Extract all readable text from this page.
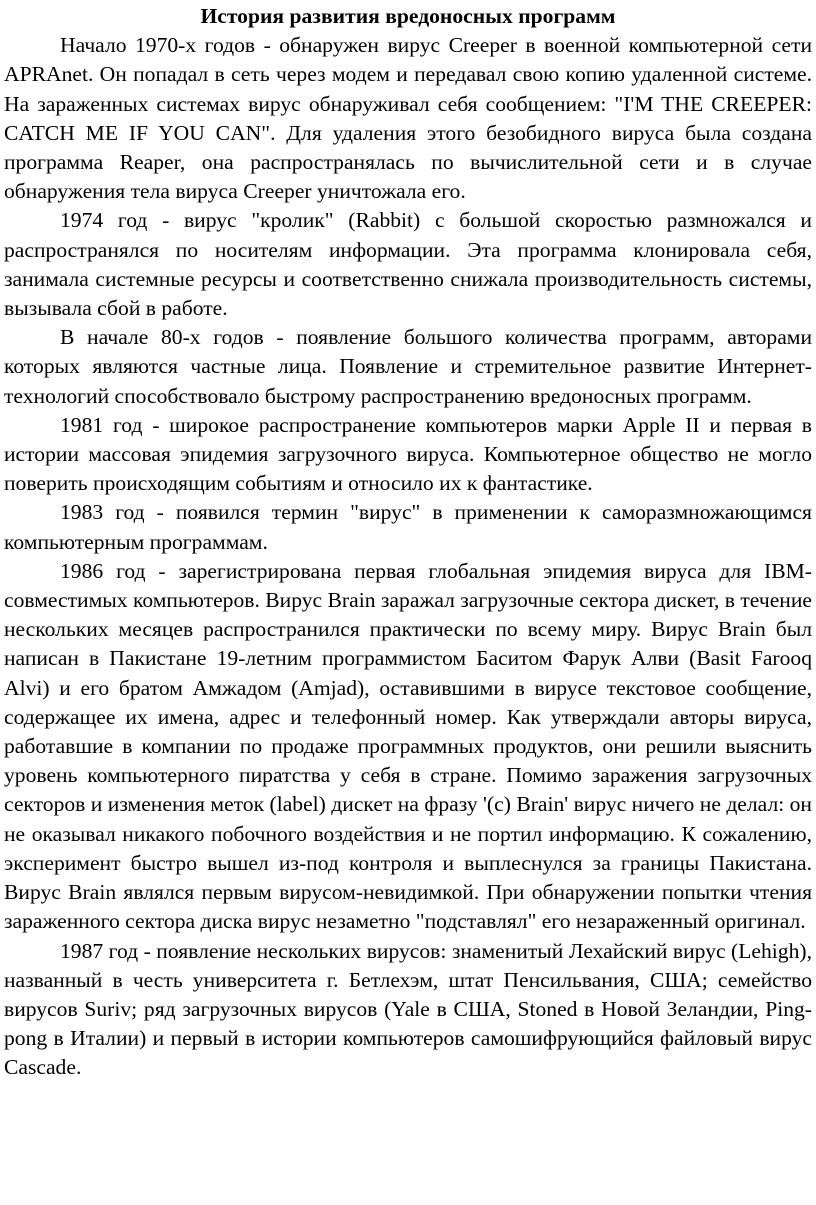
История развития вредоносных программ

Начало 1970-х годов - обнаружен вирус Creeper в военной компьютерной сети APRAnet. Он попадал в сеть через модем и передавал свою копию удаленной системе. На зараженных системах вирус обнаруживал себя сообщением: "I'M THE CREEPER: CATCH ME IF YOU CAN". Для удаления этого безобидного вируса была создана программа Reaper, она распространялась по вычислительной сети и в случае обнаружения тела вируса Creeper уничтожала его.

1974 год - вирус "кролик" (Rabbit) с большой скоростью размножался и распространялся по носителям информации. Эта программа клонировала себя, занимала системные ресурсы и соответственно снижала производительность системы, вызывала сбой в работе.

В начале 80-х годов - появление большого количества программ, авторами которых являются частные лица. Появление и стремительное развитие Интернет-технологий способствовало быстрому распространению вредоносных программ.

1981 год - широкое распространение компьютеров марки Apple II и первая в истории массовая эпидемия загрузочного вируса. Компьютерное общество не могло поверить происходящим событиям и относило их к фантастике.

1983 год - появился термин "вирус" в применении к саморазмножающимся компьютерным программам.

1986 год - зарегистрирована первая глобальная эпидемия вируса для IBM-совместимых компьютеров. Вирус Brain заражал загрузочные сектора дискет, в течение нескольких месяцев распространился практически по всему миру. Вирус Brain был написан в Пакистане 19-летним программистом Баситом Фарук Алви (Basit Farooq Alvi) и его братом Амжадом (Amjad), оставившими в вирусе текстовое сообщение, содержащее их имена, адрес и телефонный номер. Как утверждали авторы вируса, работавшие в компании по продаже программных продуктов, они решили выяснить уровень компьютерного пиратства у себя в стране. Помимо заражения загрузочных секторов и изменения меток (label) дискет на фразу '(c) Brain' вирус ничего не делал: он не оказывал никакого побочного воздействия и не портил информацию. К сожалению, эксперимент быстро вышел из-под контроля и выплеснулся за границы Пакистана. Вирус Brain являлся первым вирусом-невидимкой. При обнаружении попытки чтения зараженного сектора диска вирус незаметно "подставлял" его незараженный оригинал.

1987 год - появление нескольких вирусов: знаменитый Лехайский вирус (Lehigh), названный в честь университета г. Бетлехэм, штат Пенсильвания, США; семейство вирусов Suriv; ряд загрузочных вирусов (Yale в США, Stoned в Новой Зеландии, Ping-pong в Италии) и первый в истории компьютеров самошифрующийся файловый вирус Cascade.
